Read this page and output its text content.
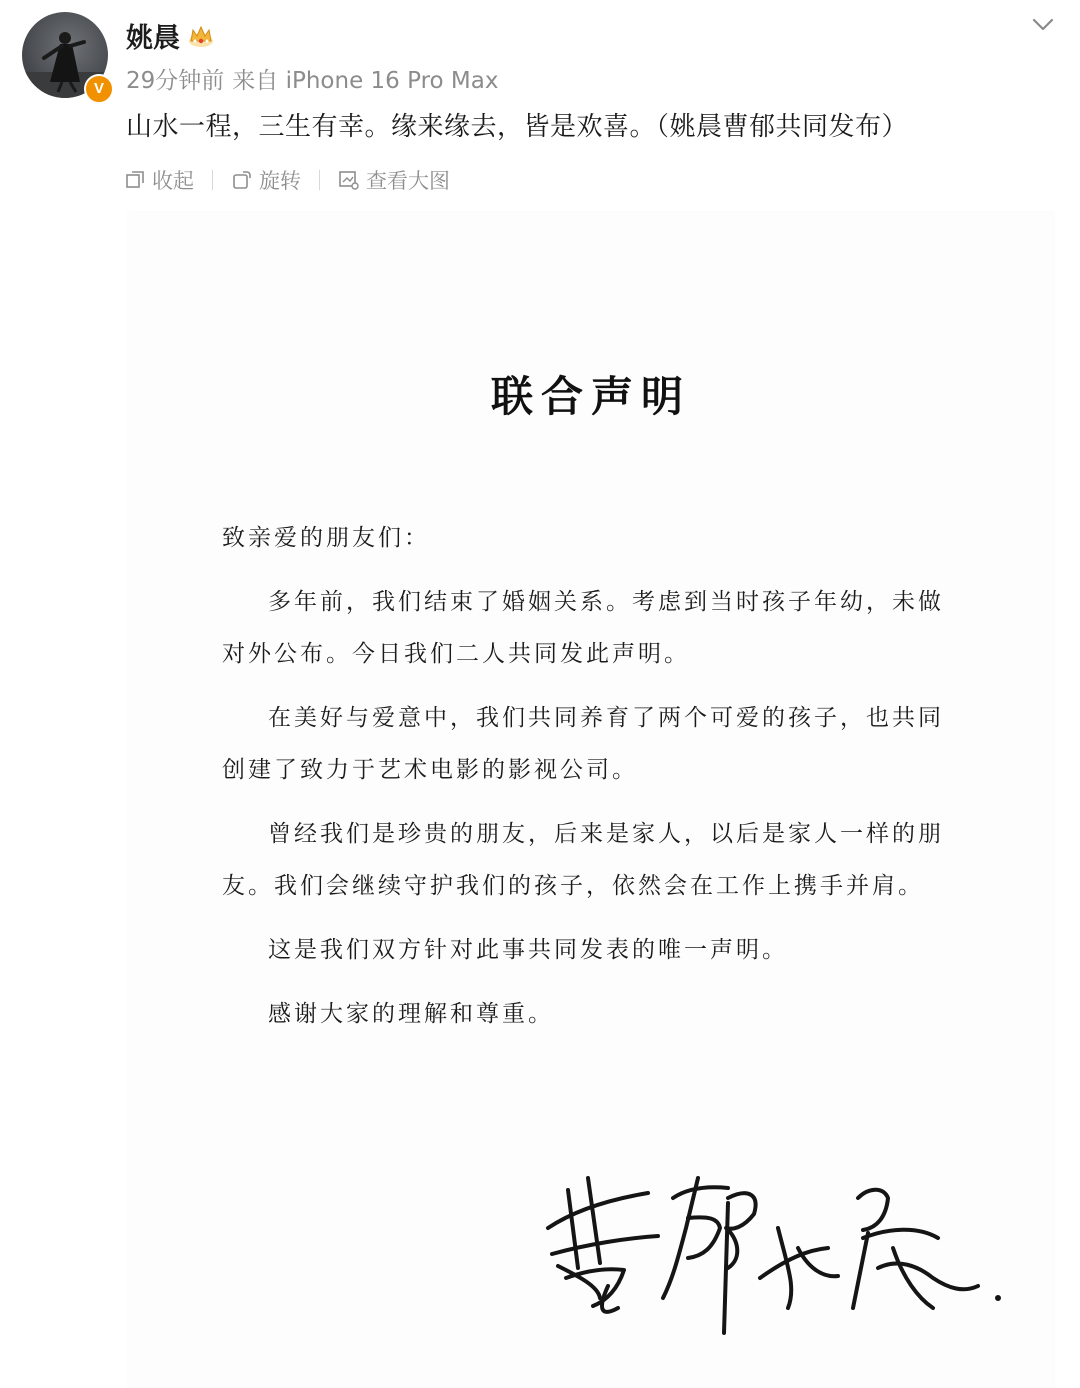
V
姚晨
29分钟前 来自 iPhone 16 Pro Max
山水一程，三生有幸。缘来缘去，皆是欢喜。（姚晨曹郁共同发布）
收起	旋转	查看大图
联合声明

致亲爱的朋友们：

多年前，我们结束了婚姻关系。考虑到当时孩子年幼，未做对外公布。今日我们二人共同发此声明。

在美好与爱意中，我们共同养育了两个可爱的孩子，也共同创建了致力于艺术电影的影视公司。

曾经我们是珍贵的朋友，后来是家人，以后是家人一样的朋友。我们会继续守护我们的孩子，依然会在工作上携手并肩。

这是我们双方针对此事共同发表的唯一声明。

感谢大家的理解和尊重。
